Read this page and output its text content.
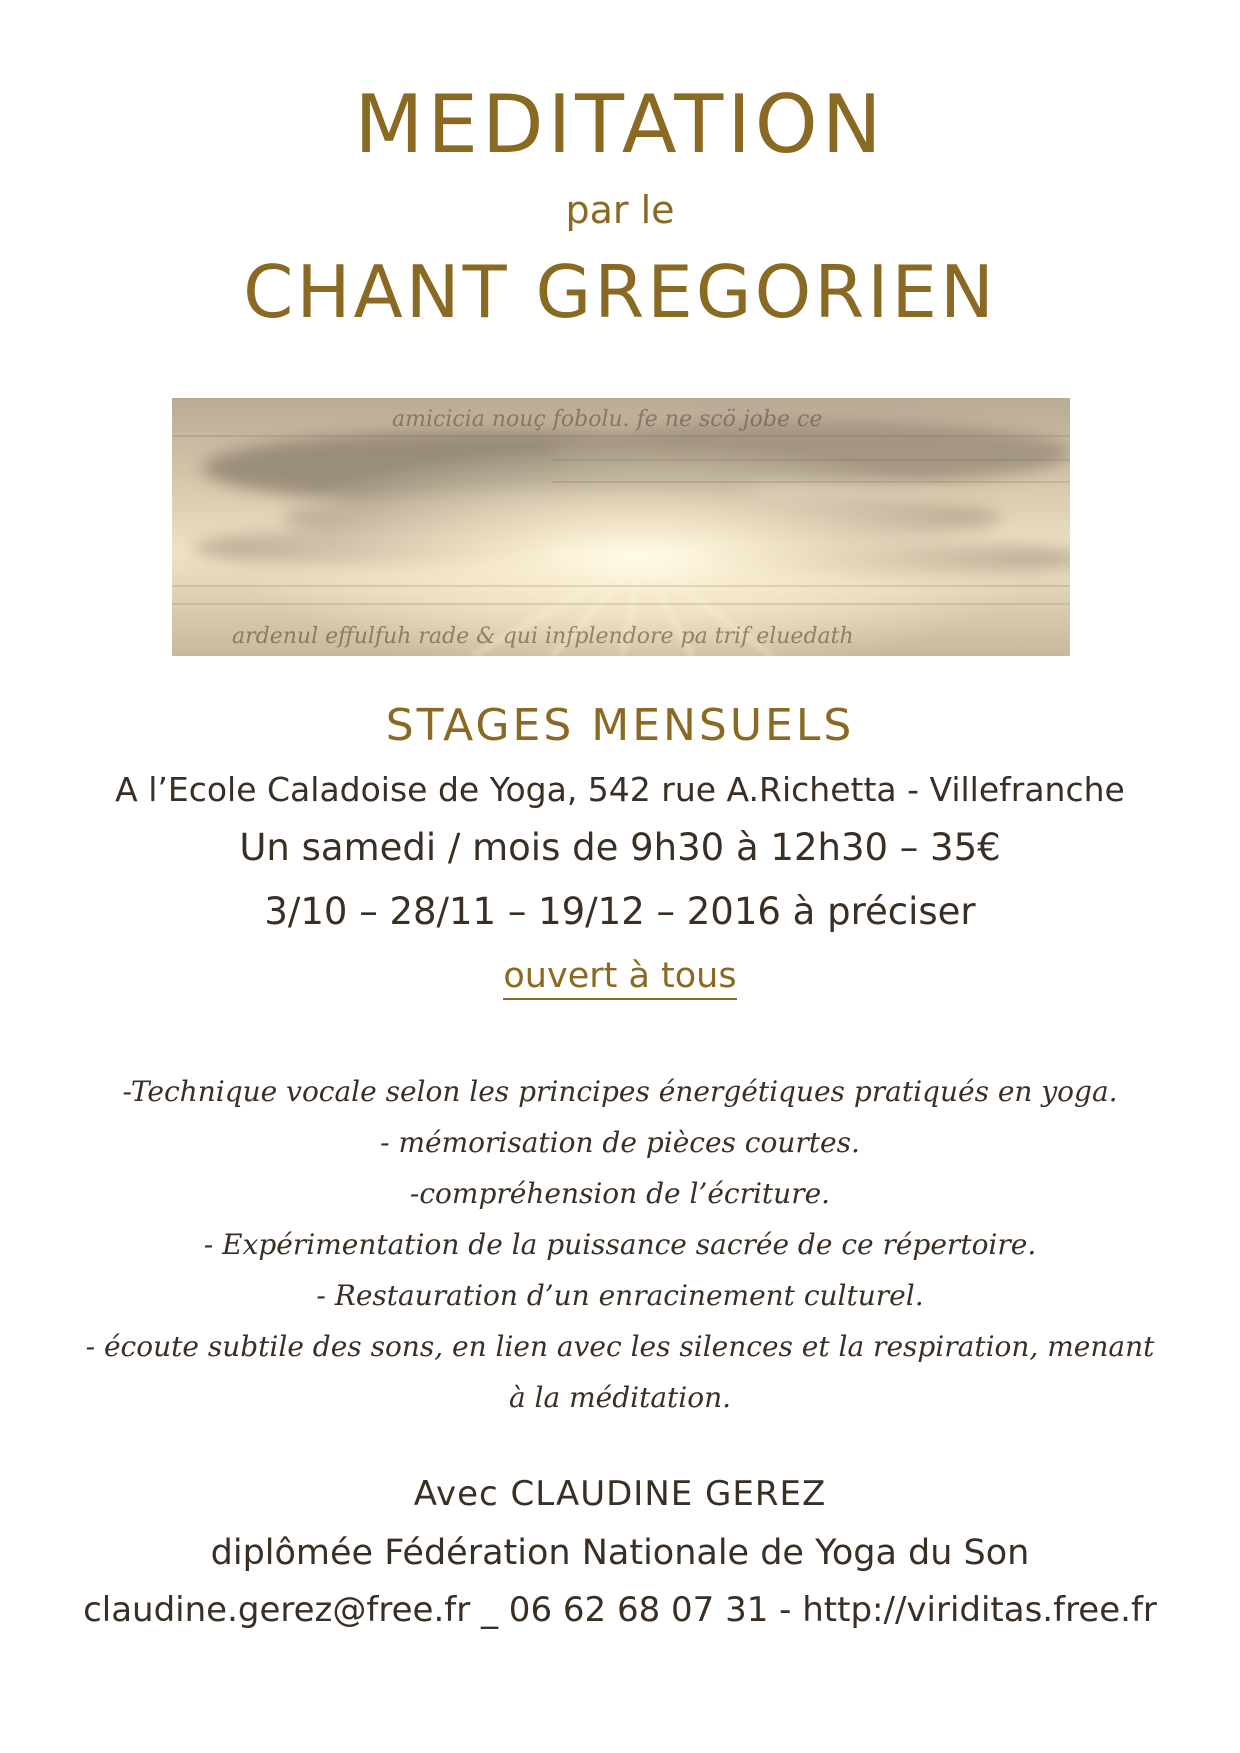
MEDITATION
par le
CHANT GREGORIEN
amicicia nouç fobolu. fe ne scö jobe ce
ardenul effulfuh rade & qui infplendore pa trif eluedath
STAGES MENSUELS
A l’Ecole Caladoise de Yoga, 542 rue A.Richetta - Villefranche
Un samedi / mois de 9h30 à 12h30 – 35€
3/10 – 28/11 – 19/12 – 2016 à préciser
ouvert à tous
-Technique vocale selon les principes énergétiques pratiqués en yoga.
- mémorisation de pièces courtes.
-compréhension de l’écriture.
- Expérimentation de la puissance sacrée de ce répertoire.
- Restauration d’un enracinement culturel.
- écoute subtile des sons, en lien avec les silences et la respiration, menant
à la méditation.
Avec CLAUDINE GEREZ
diplômée Fédération Nationale de Yoga du Son
claudine.gerez@free.fr _ 06 62 68 07 31 - http://viriditas.free.fr
